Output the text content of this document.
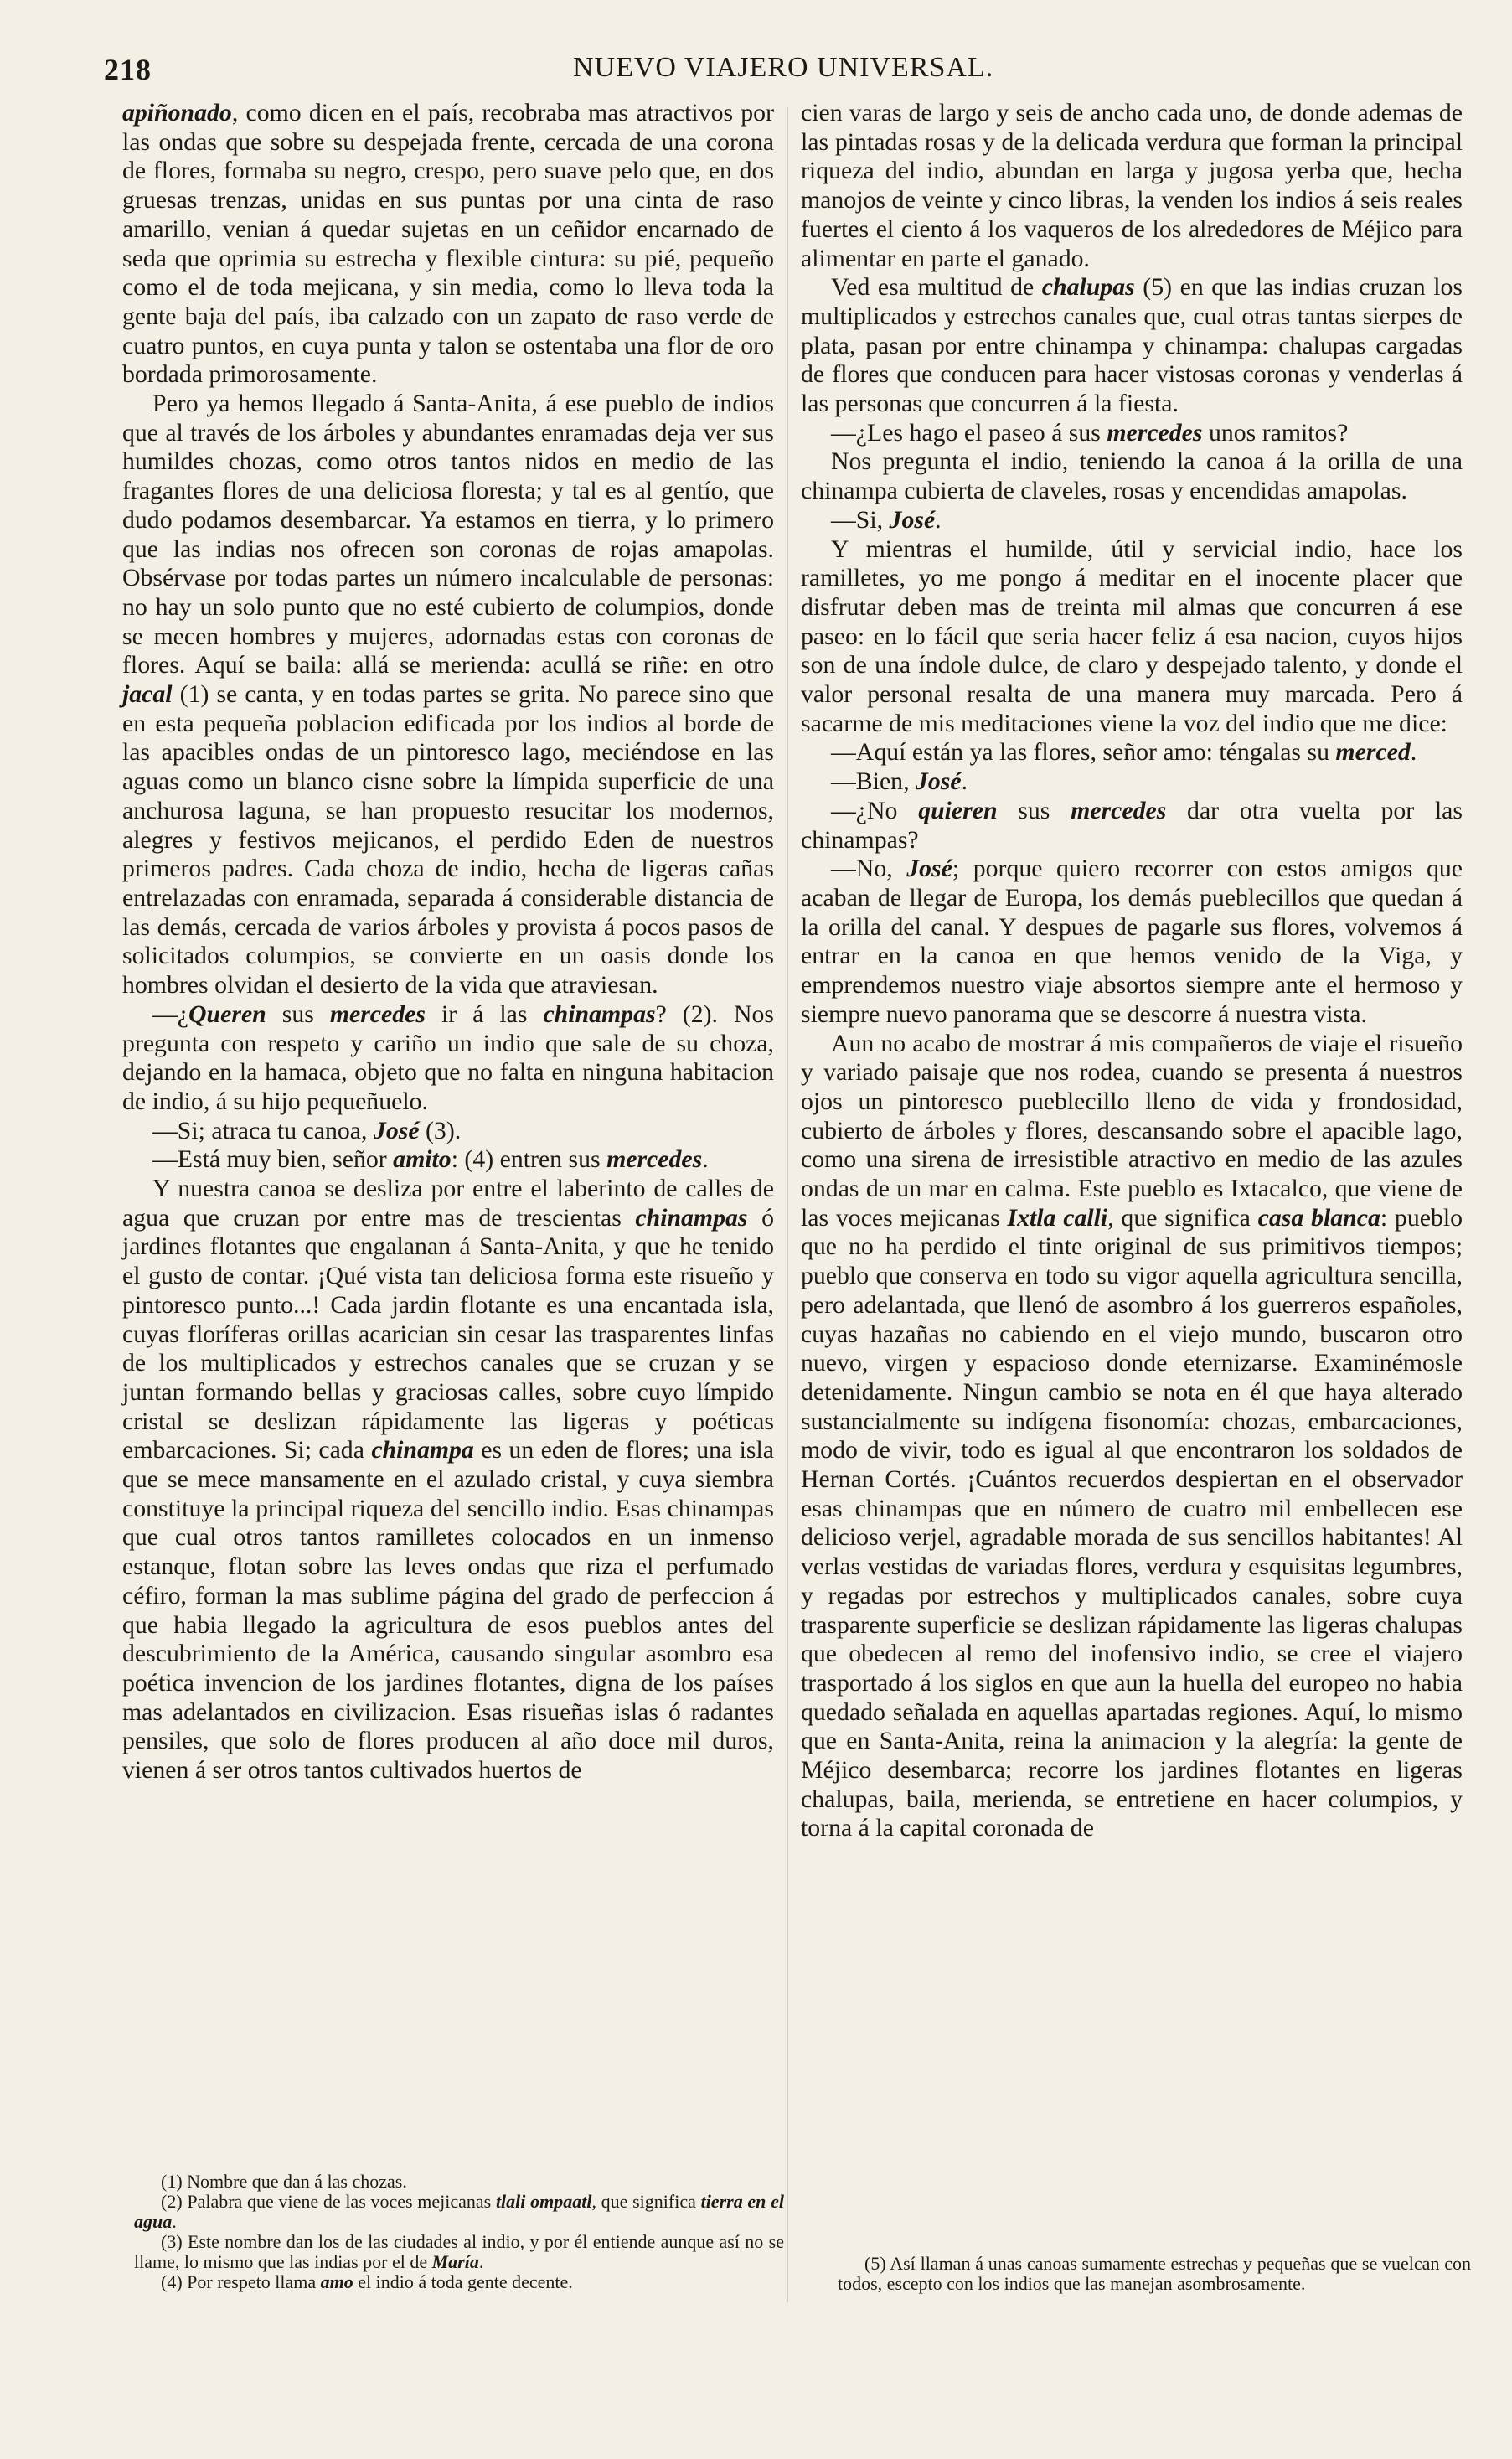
218	NUEVO VIAJERO UNIVERSAL.

apiñonado, como dicen en el país, recobraba mas atractivos por las ondas que sobre su despejada frente, cercada de una corona de flores, formaba su negro, crespo, pero suave pelo que, en dos gruesas trenzas, unidas en sus puntas por una cinta de raso amarillo, venian á quedar sujetas en un ceñidor encarnado de seda que oprimia su estrecha y flexible cintura: su pié, pequeño como el de toda mejicana, y sin media, como lo lleva toda la gente baja del país, iba calzado con un zapato de raso verde de cuatro puntos, en cuya punta y talon se ostentaba una flor de oro bordada primorosamente.

Pero ya hemos llegado á Santa-Anita, á ese pueblo de indios que al través de los árboles y abundantes enramadas deja ver sus humildes chozas, como otros tantos nidos en medio de las fragantes flores de una deliciosa floresta; y tal es al gentío, que dudo podamos desembarcar. Ya estamos en tierra, y lo primero que las indias nos ofrecen son coronas de rojas amapolas. Obsérvase por todas partes un número incalculable de personas: no hay un solo punto que no esté cubierto de columpios, donde se mecen hombres y mujeres, adornadas estas con coronas de flores. Aquí se baila: allá se merienda: acullá se riñe: en otro jacal (1) se canta, y en todas partes se grita. No parece sino que en esta pequeña poblacion edificada por los indios al borde de las apacibles ondas de un pintoresco lago, meciéndose en las aguas como un blanco cisne sobre la límpida superficie de una anchurosa laguna, se han propuesto resucitar los modernos, alegres y festivos mejicanos, el perdido Eden de nuestros primeros padres. Cada choza de indio, hecha de ligeras cañas entrelazadas con enramada, separada á considerable distancia de las demás, cercada de varios árboles y provista á pocos pasos de solicitados columpios, se convierte en un oasis donde los hombres olvidan el desierto de la vida que atraviesan.

—¿Queren sus mercedes ir á las chinampas? (2). Nos pregunta con respeto y cariño un indio que sale de su choza, dejando en la hamaca, objeto que no falta en ninguna habitacion de indio, á su hijo pequeñuelo.

—Si; atraca tu canoa, José (3).

—Está muy bien, señor amito: (4) entren sus mercedes.

Y nuestra canoa se desliza por entre el laberinto de calles de agua que cruzan por entre mas de trescientas chinampas ó jardines flotantes que engalanan á Santa-Anita, y que he tenido el gusto de contar. ¡Qué vista tan deliciosa forma este risueño y pintoresco punto...! Cada jardin flotante es una encantada isla, cuyas floríferas orillas acarician sin cesar las trasparentes linfas de los multiplicados y estrechos canales que se cruzan y se juntan formando bellas y graciosas calles, sobre cuyo límpido cristal se deslizan rápidamente las ligeras y poéticas embarcaciones. Si; cada chinampa es un eden de flores; una isla que se mece mansamente en el azulado cristal, y cuya siembra constituye la principal riqueza del sencillo indio. Esas chinampas que cual otros tantos ramilletes colocados en un inmenso estanque, flotan sobre las leves ondas que riza el perfumado céfiro, forman la mas sublime página del grado de perfeccion á que habia llegado la agricultura de esos pueblos antes del descubrimiento de la América, causando singular asombro esa poética invencion de los jardines flotantes, digna de los países mas adelantados en civilizacion. Esas risueñas islas ó radantes pensiles, que solo de flores producen al año doce mil duros, vienen á ser otros tantos cultivados huertos de

cien varas de largo y seis de ancho cada uno, de donde ademas de las pintadas rosas y de la delicada verdura que forman la principal riqueza del indio, abundan en larga y jugosa yerba que, hecha manojos de veinte y cinco libras, la venden los indios á seis reales fuertes el ciento á los vaqueros de los alrededores de Méjico para alimentar en parte el ganado.

Ved esa multitud de chalupas (5) en que las indias cruzan los multiplicados y estrechos canales que, cual otras tantas sierpes de plata, pasan por entre chinampa y chinampa: chalupas cargadas de flores que conducen para hacer vistosas coronas y venderlas á las personas que concurren á la fiesta.

—¿Les hago el paseo á sus mercedes unos ramitos?

Nos pregunta el indio, teniendo la canoa á la orilla de una chinampa cubierta de claveles, rosas y encendidas amapolas.

—Si, José.

Y mientras el humilde, útil y servicial indio, hace los ramilletes, yo me pongo á meditar en el inocente placer que disfrutar deben mas de treinta mil almas que concurren á ese paseo: en lo fácil que seria hacer feliz á esa nacion, cuyos hijos son de una índole dulce, de claro y despejado talento, y donde el valor personal resalta de una manera muy marcada. Pero á sacarme de mis meditaciones viene la voz del indio que me dice:

—Aquí están ya las flores, señor amo: téngalas su merced.

—Bien, José.

—¿No quieren sus mercedes dar otra vuelta por las chinampas?

—No, José; porque quiero recorrer con estos amigos que acaban de llegar de Europa, los demás pueblecillos que quedan á la orilla del canal. Y despues de pagarle sus flores, volvemos á entrar en la canoa en que hemos venido de la Viga, y emprendemos nuestro viaje absortos siempre ante el hermoso y siempre nuevo panorama que se descorre á nuestra vista.

Aun no acabo de mostrar á mis compañeros de viaje el risueño y variado paisaje que nos rodea, cuando se presenta á nuestros ojos un pintoresco pueblecillo lleno de vida y frondosidad, cubierto de árboles y flores, descansando sobre el apacible lago, como una sirena de irresistible atractivo en medio de las azules ondas de un mar en calma. Este pueblo es Ixtacalco, que viene de las voces mejicanas Ixtla calli, que significa casa blanca: pueblo que no ha perdido el tinte original de sus primitivos tiempos; pueblo que conserva en todo su vigor aquella agricultura sencilla, pero adelantada, que llenó de asombro á los guerreros españoles, cuyas hazañas no cabiendo en el viejo mundo, buscaron otro nuevo, virgen y espacioso donde eternizarse. Examinémosle detenidamente. Ningun cambio se nota en él que haya alterado sustancialmente su indígena fisonomía: chozas, embarcaciones, modo de vivir, todo es igual al que encontraron los soldados de Hernan Cortés. ¡Cuántos recuerdos despiertan en el observador esas chinampas que en número de cuatro mil embellecen ese delicioso verjel, agradable morada de sus sencillos habitantes! Al verlas vestidas de variadas flores, verdura y esquisitas legumbres, y regadas por estrechos y multiplicados canales, sobre cuya trasparente superficie se deslizan rápidamente las ligeras chalupas que obedecen al remo del inofensivo indio, se cree el viajero trasportado á los siglos en que aun la huella del europeo no habia quedado señalada en aquellas apartadas regiones. Aquí, lo mismo que en Santa-Anita, reina la animacion y la alegría: la gente de Méjico desembarca; recorre los jardines flotantes en ligeras chalupas, baila, merienda, se entretiene en hacer columpios, y torna á la capital coronada de

(1) Nombre que dan á las chozas.

(2) Palabra que viene de las voces mejicanas tlali ompaatl, que significa tierra en el agua.

(3) Este nombre dan los de las ciudades al indio, y por él entiende aunque así no se llame, lo mismo que las indias por el de María.

(4) Por respeto llama amo el indio á toda gente decente.

(5) Así llaman á unas canoas sumamente estrechas y pequeñas que se vuelcan con todos, escepto con los indios que las manejan asombrosamente.
